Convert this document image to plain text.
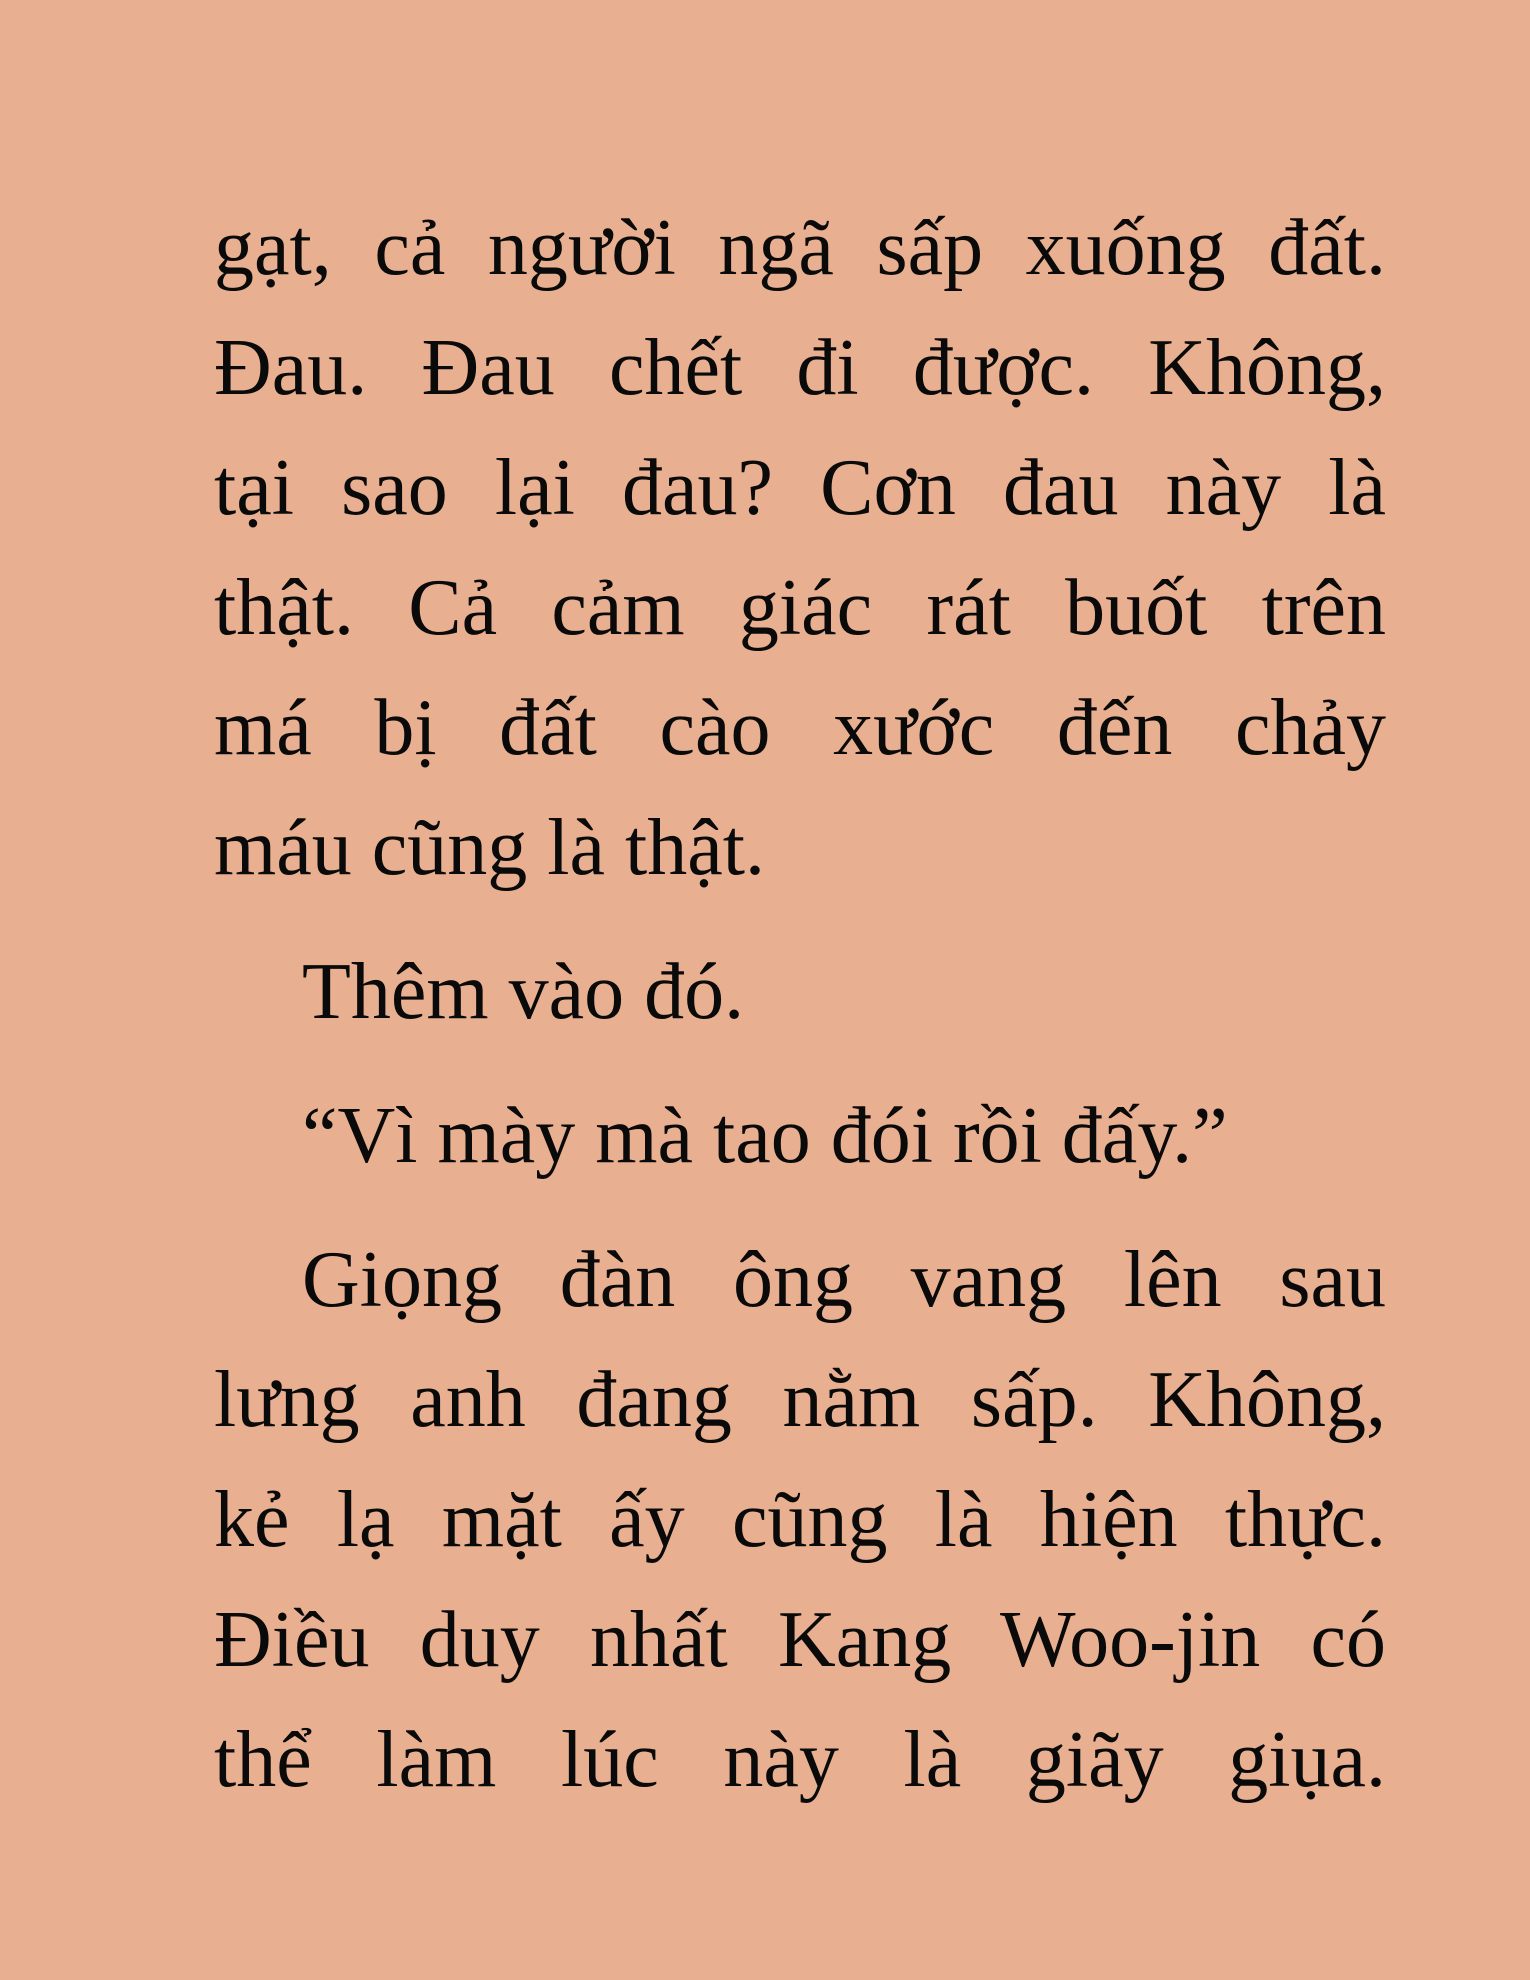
gạt, cả người ngã sấp xuống đất.
Đau. Đau chết đi được. Không,
tại sao lại đau? Cơn đau này là
thật. Cả cảm giác rát buốt trên
má bị đất cào xước đến chảy
máu cũng là thật.
Thêm vào đó.
“Vì mày mà tao đói rồi đấy.”
Giọng đàn ông vang lên sau
lưng anh đang nằm sấp. Không,
kẻ lạ mặt ấy cũng là hiện thực.
Điều duy nhất Kang Woo-jin có
thể làm lúc này là giãy giụa.
